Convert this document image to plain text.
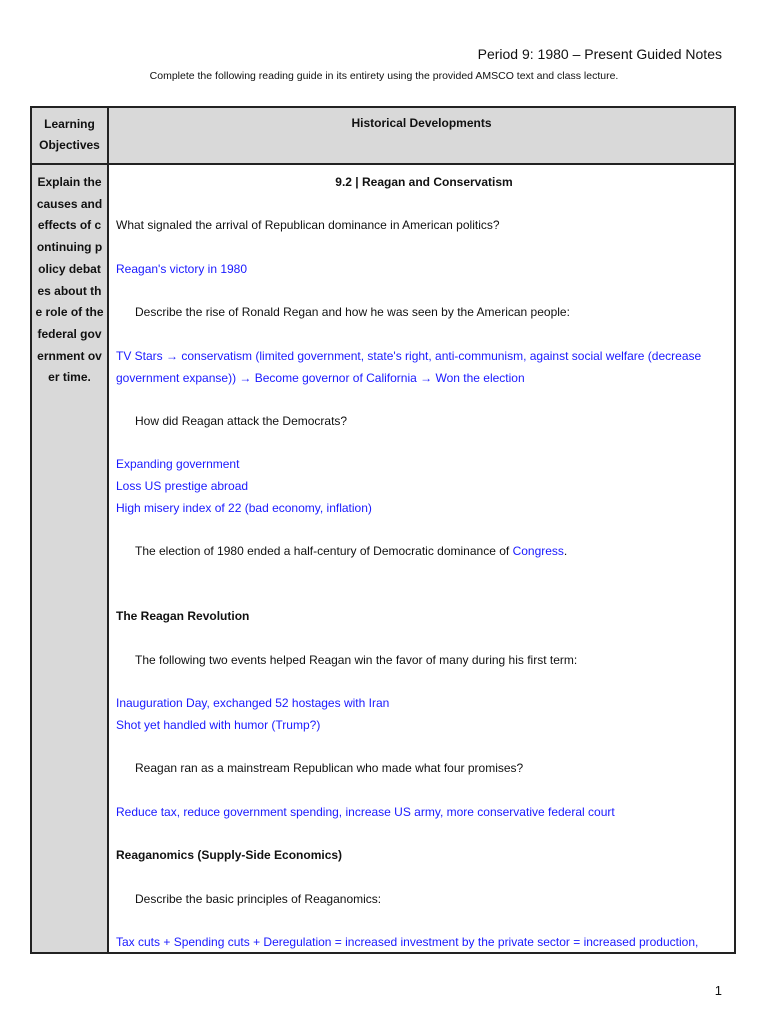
Period 9: 1980 – Present Guided Notes
Complete the following reading guide in its entirety using the provided AMSCO text and class lecture.
Learning Objectives
Historical Developments
Explain the causes and effects of continuing policy debates about the role of the federal government over time.
9.2 | Reagan and Conservatism
What signaled the arrival of Republican dominance in American politics?
Reagan's victory in 1980
Describe the rise of Ronald Regan and how he was seen by the American people:
TV Stars → conservatism (limited government, state's right, anti-communism, against social welfare (decrease government expanse)) → Become governor of California → Won the election
How did Reagan attack the Democrats?
Expanding government
Loss US prestige abroad
High misery index of 22 (bad economy, inflation)
The election of 1980 ended a half-century of Democratic dominance of Congress.
The Reagan Revolution
The following two events helped Reagan win the favor of many during his first term:
Inauguration Day, exchanged 52 hostages with Iran
Shot yet handled with humor (Trump?)
Reagan ran as a mainstream Republican who made what four promises?
Reduce tax, reduce government spending, increase US army, more conservative federal court
Reaganomics (Supply-Side Economics)
Describe the basic principles of Reaganomics:
Tax cuts + Spending cuts + Deregulation = increased investment by the private sector = increased production,
1
